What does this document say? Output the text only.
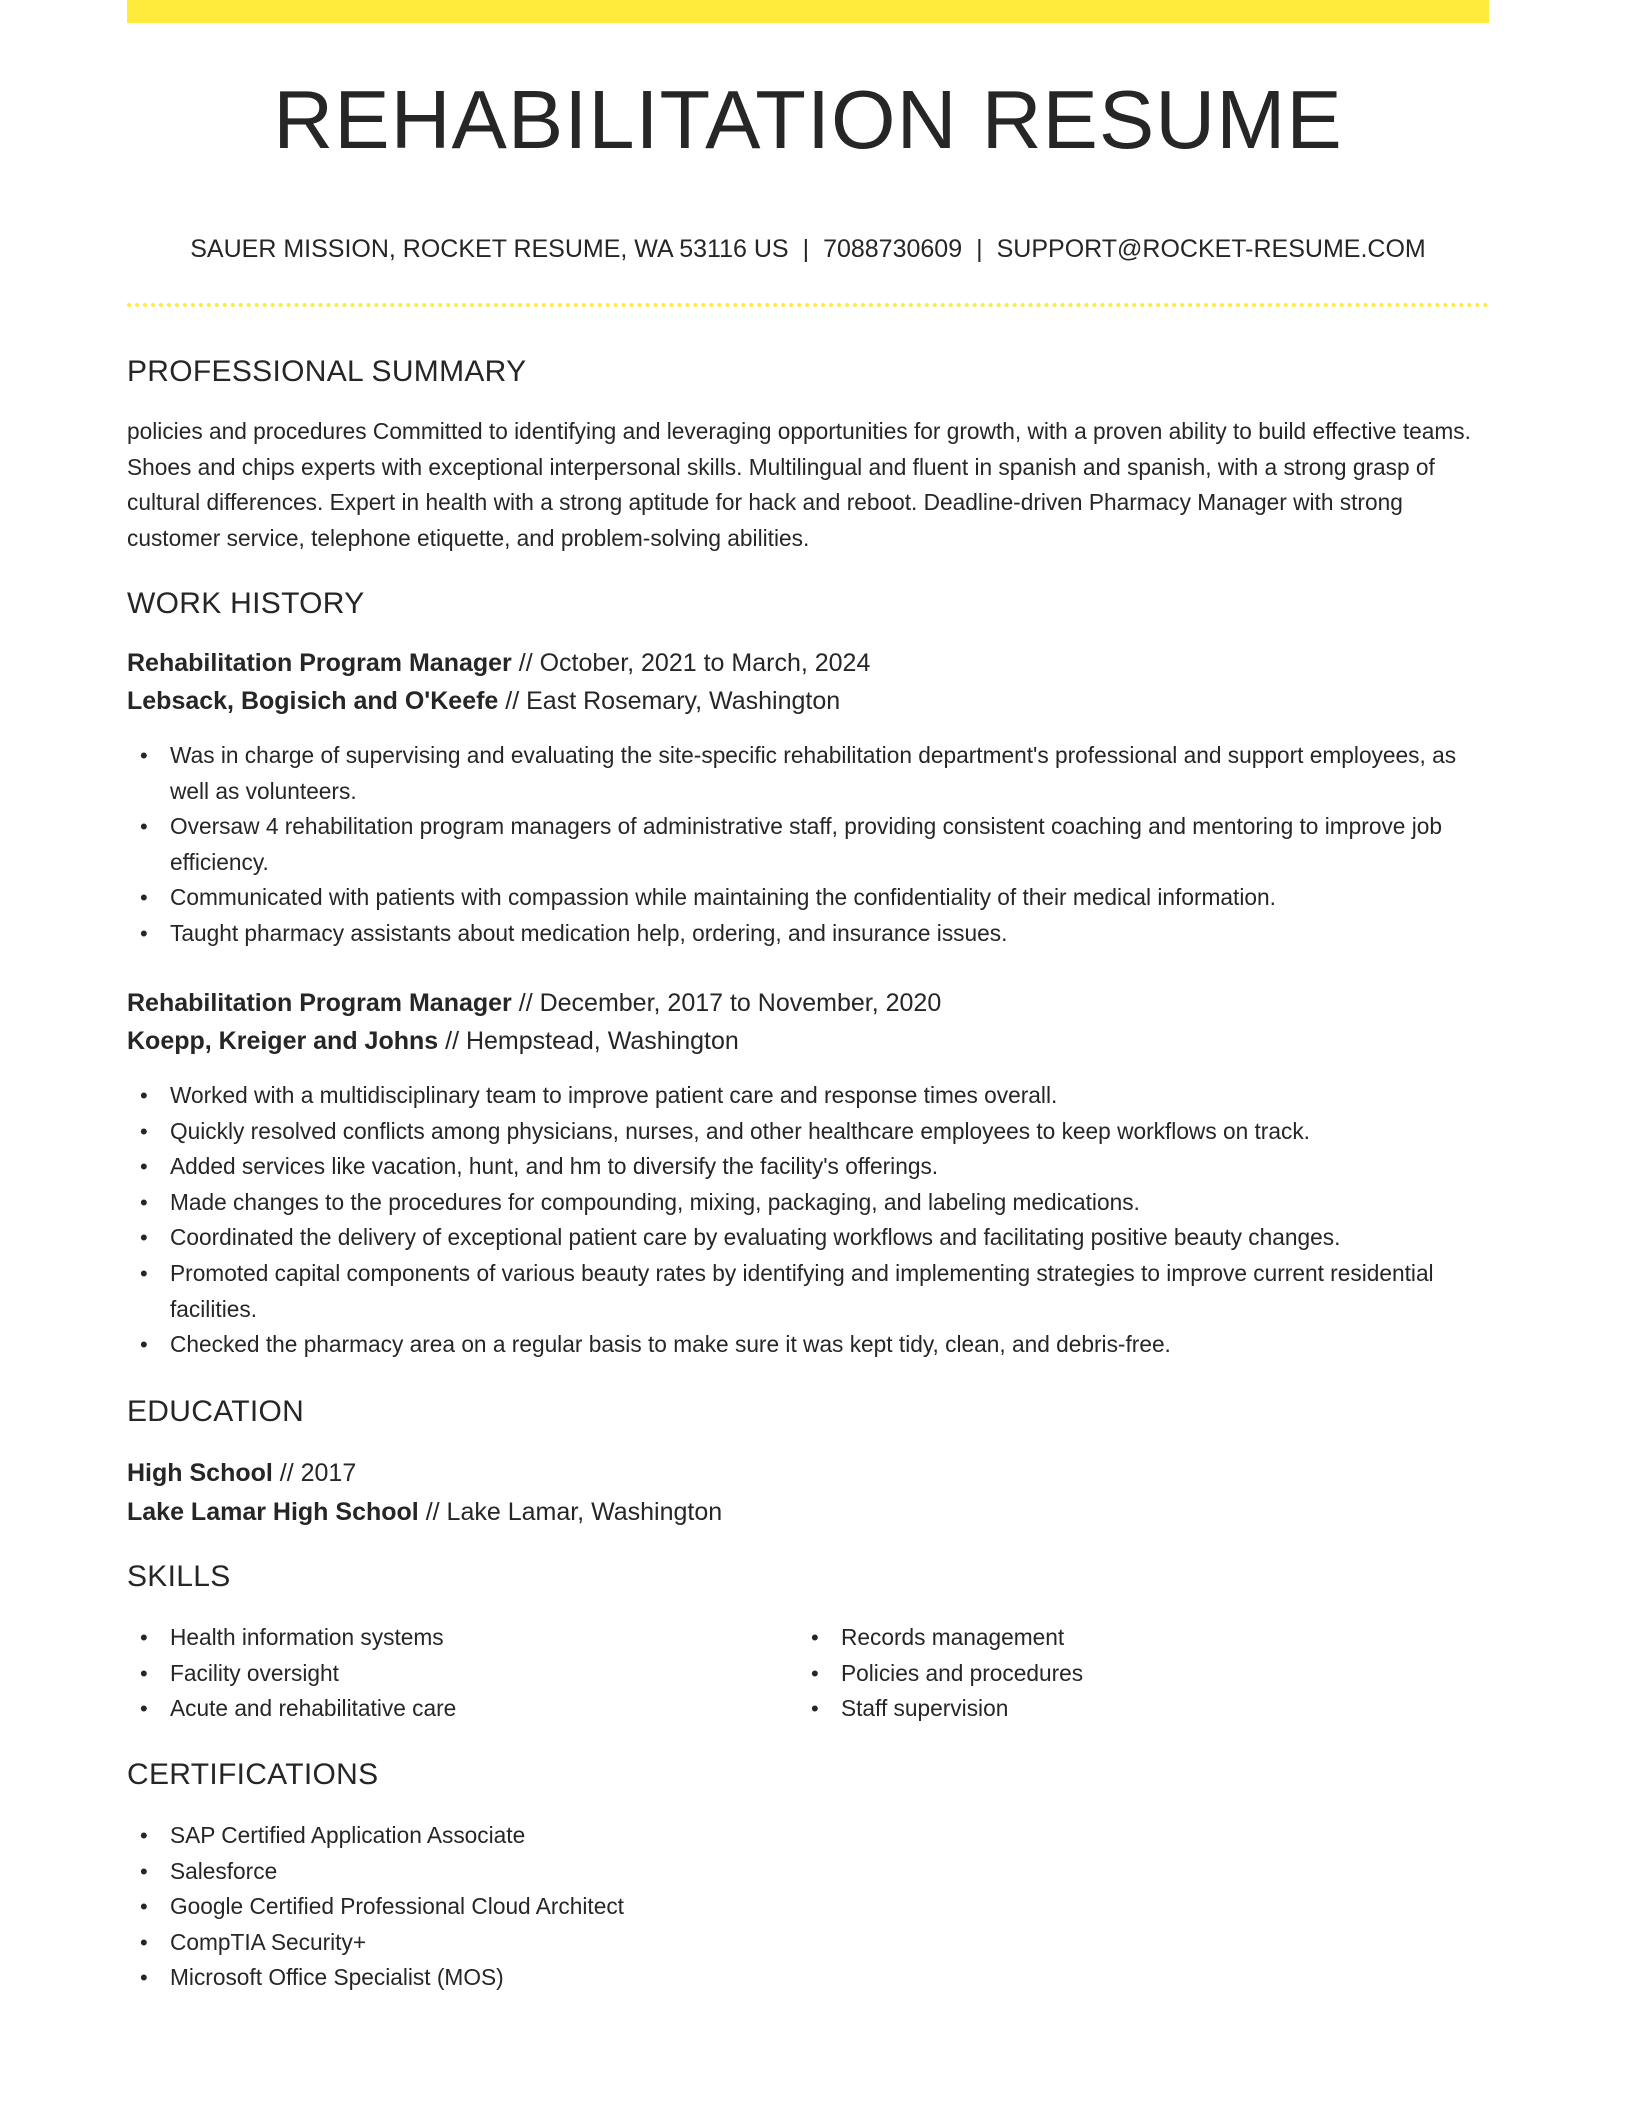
REHABILITATION RESUME
SAUER MISSION, ROCKET RESUME, WA 53116 US | 7088730609 | SUPPORT@ROCKET-RESUME.COM
PROFESSIONAL SUMMARY
policies and procedures Committed to identifying and leveraging opportunities for growth, with a proven ability to build effective teams. Shoes and chips experts with exceptional interpersonal skills. Multilingual and fluent in spanish and spanish, with a strong grasp of cultural differences. Expert in health with a strong aptitude for hack and reboot. Deadline-driven Pharmacy Manager with strong customer service, telephone etiquette, and problem-solving abilities.
WORK HISTORY
Rehabilitation Program Manager // October, 2021 to March, 2024
Lebsack, Bogisich and O'Keefe // East Rosemary, Washington
• Was in charge of supervising and evaluating the site-specific rehabilitation department's professional and support employees, as well as volunteers.
• Oversaw 4 rehabilitation program managers of administrative staff, providing consistent coaching and mentoring to improve job efficiency.
• Communicated with patients with compassion while maintaining the confidentiality of their medical information.
• Taught pharmacy assistants about medication help, ordering, and insurance issues.
Rehabilitation Program Manager // December, 2017 to November, 2020
Koepp, Kreiger and Johns // Hempstead, Washington
• Worked with a multidisciplinary team to improve patient care and response times overall.
• Quickly resolved conflicts among physicians, nurses, and other healthcare employees to keep workflows on track.
• Added services like vacation, hunt, and hm to diversify the facility's offerings.
• Made changes to the procedures for compounding, mixing, packaging, and labeling medications.
• Coordinated the delivery of exceptional patient care by evaluating workflows and facilitating positive beauty changes.
• Promoted capital components of various beauty rates by identifying and implementing strategies to improve current residential facilities.
• Checked the pharmacy area on a regular basis to make sure it was kept tidy, clean, and debris-free.
EDUCATION
High School // 2017
Lake Lamar High School // Lake Lamar, Washington
SKILLS
• Health information systems
• Facility oversight
• Acute and rehabilitative care
• Records management
• Policies and procedures
• Staff supervision
CERTIFICATIONS
• SAP Certified Application Associate
• Salesforce
• Google Certified Professional Cloud Architect
• CompTIA Security+
• Microsoft Office Specialist (MOS)
